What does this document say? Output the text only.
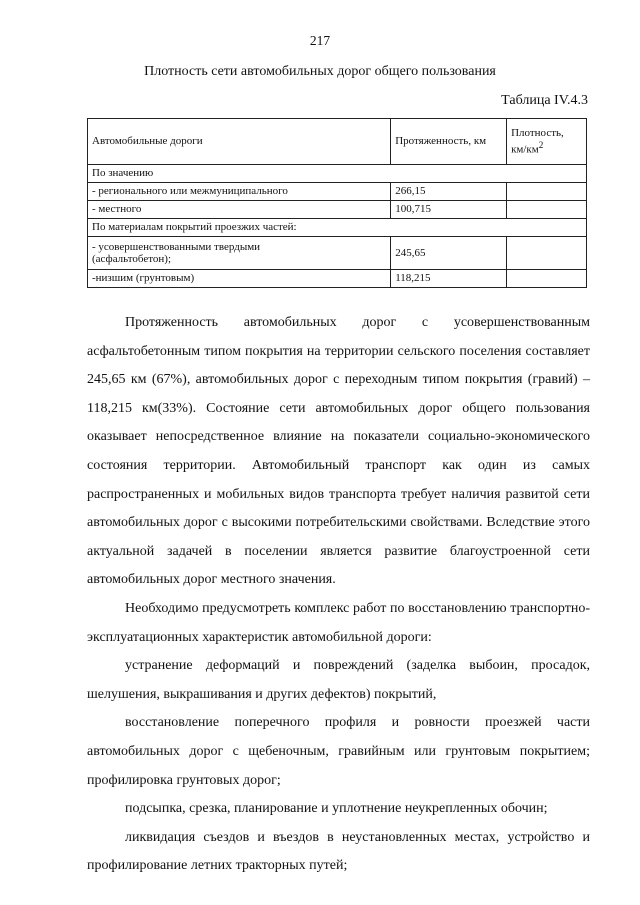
217
Плотность сети автомобильных дорог общего пользования
Таблица IV.4.3
Автомобильные дороги	Протяженность, км	Плотность,
$км/км^2$
По значению		
- регионального или межмуниципального	266,15	
- местного	100,715	
По материалам покрытий проезжих частей:		
- усовершенствованными твердыми
(асфальтобетон);	245,65	
-низшим (грунтовым)	118,215	

Протяженность автомобильных дорог с усовершенствованным асфальтобетонным типом покрытия на территории сельского поселения составляет 245,65 км (67%), автомобильных дорог с переходным типом покрытия (гравий) – 118,215 км(33%). Состояние сети автомобильных дорог общего пользования оказывает непосредственное влияние на показатели социально-экономического состояния территории. Автомобильный транспорт как один из самых распространенных и мобильных видов транспорта требует наличия развитой сети автомобильных дорог с высокими потребительскими свойствами. Вследствие этого актуальной задачей в поселении является развитие благоустроенной сети автомобильных дорог местного значения.

Необходимо предусмотреть комплекс работ по восстановлению транспортно-эксплуатационных характеристик автомобильной дороги:

устранение деформаций и повреждений (заделка выбоин, просадок, шелушения, выкрашивания и других дефектов) покрытий,

восстановление поперечного профиля и ровности проезжей части автомобильных дорог с щебеночным, гравийным или грунтовым покрытием; профилировка грунтовых дорог;

подсыпка, срезка, планирование и уплотнение неукрепленных обочин;

ликвидация съездов и въездов в неустановленных местах, устройство и профилирование летних тракторных путей;
